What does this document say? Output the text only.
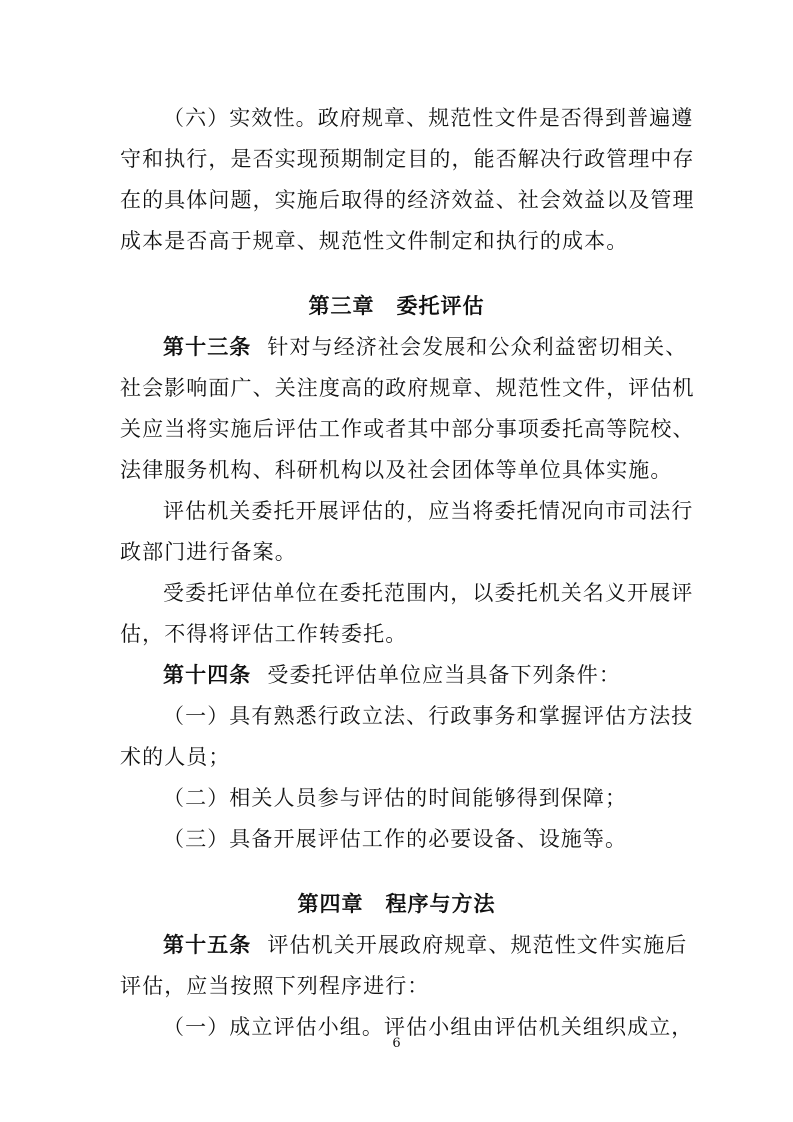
（六）实效性。政府规章、规范性文件是否得到普遍遵
守和执行，是否实现预期制定目的，能否解决行政管理中存
在的具体问题，实施后取得的经济效益、社会效益以及管理
成本是否高于规章、规范性文件制定和执行的成本。
第三章 委托评估
第十三条 针对与经济社会发展和公众利益密切相关、
社会影响面广、关注度高的政府规章、规范性文件，评估机
关应当将实施后评估工作或者其中部分事项委托高等院校、
法律服务机构、科研机构以及社会团体等单位具体实施。
评估机关委托开展评估的，应当将委托情况向市司法行
政部门进行备案。
受委托评估单位在委托范围内，以委托机关名义开展评
估，不得将评估工作转委托。
第十四条 受委托评估单位应当具备下列条件：
（一）具有熟悉行政立法、行政事务和掌握评估方法技
术的人员；
（二）相关人员参与评估的时间能够得到保障；
（三）具备开展评估工作的必要设备、设施等。
第四章 程序与方法
第十五条 评估机关开展政府规章、规范性文件实施后
评估，应当按照下列程序进行：
（一）成立评估小组。评估小组由评估机关组织成立，
6
